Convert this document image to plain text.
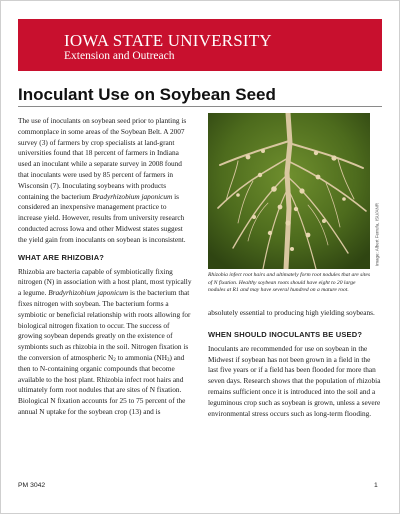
IOWA STATE UNIVERSITY
Extension and Outreach
Inoculant Use on Soybean Seed

The use of inoculants on soybean seed prior to planting is commonplace in some areas of the Soybean Belt. A 2007 survey (3) of farmers by crop specialists at land-grant universities found that 18 percent of farmers in Indiana used an inoculant while a separate survey in 2008 found that inoculants were used by 85 percent of farmers in Wisconsin (7). Inoculating soybeans with products containing the bacterium Bradyrhizobium japonicum is considered an inexpensive management practice to increase yield. However, results from university research conducted across Iowa and other Midwest states suggest the yield gain from inoculants on soybean is inconsistent.

WHAT ARE RHIZOBIA?

Rhizobia are bacteria capable of symbiotically fixing nitrogen (N) in association with a host plant, most typically a legume. Bradyrhizobium japonicum is the bacterium that fixes nitrogen with soybean. The bacterium forms a symbiotic or beneficial relationship with roots allowing for biological nitrogen fixation to occur. The success of growing soybean depends greatly on the existence of symbionts such as rhizobia in the soil. Nitrogen fixation is the conversion of atmospheric $N_2$ to ammonia $(NH_3)$ and then to N-containing organic compounds that become available to the host plant. Rhizobia infect root hairs and ultimately form root nodules that are sites of N fixation. Biological N fixation accounts for 25 to 75 percent of the annual N uptake for the soybean crop (13) and is

Image: Albert Ferrufa, ISU/ANR
Rhizobia infect root hairs and ultimately form root nodules that are sites of N fixation. Healthy soybean roots should have eight to 20 large nodules at R1 and may have several hundred on a mature root.

absolutely essential to producing high yielding soybeans.

WHEN SHOULD INOCULANTS BE USED?

Inoculants are recommended for use on soybean in the Midwest if soybean has not been grown in a field in the last five years or if a field has been flooded for more than seven days. Research shows that the population of rhizobia remains sufficient once it is introduced into the soil and a leguminous crop such as soybean is grown, unless a severe environmental stress occurs such as long-term flooding.

PM 3042	1
